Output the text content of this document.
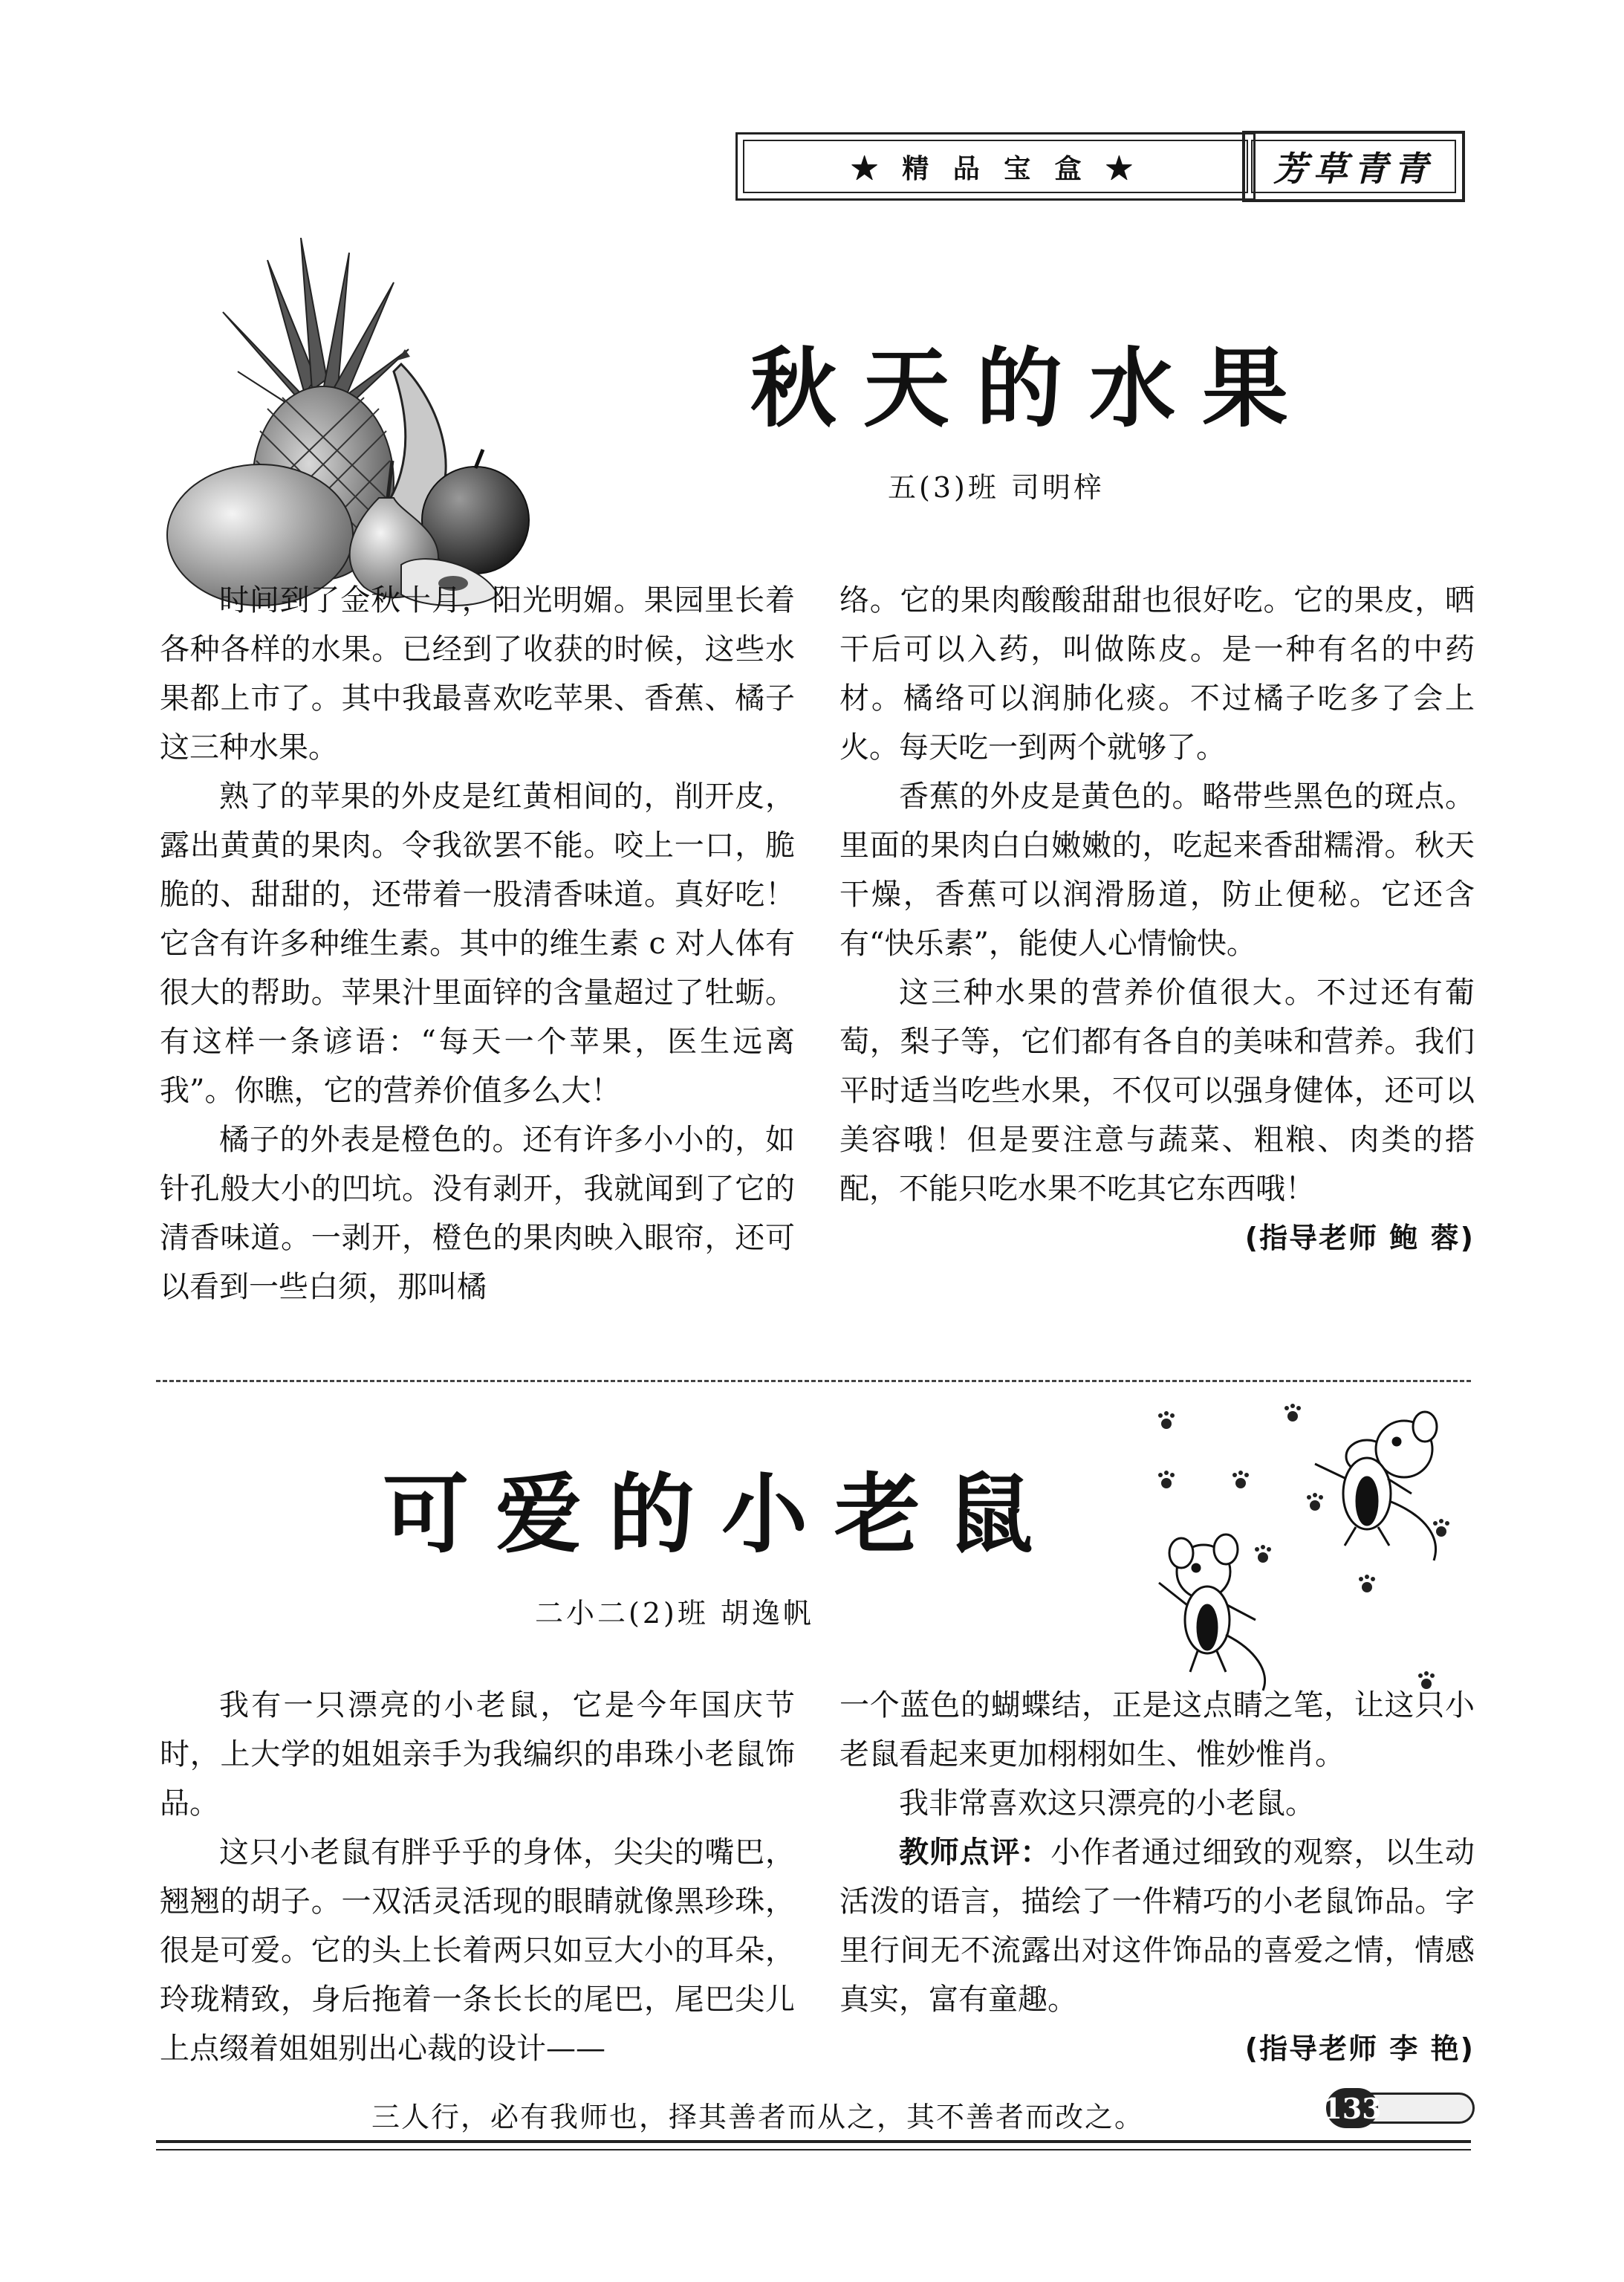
★ 精 品 宝 盒 ★	芳草青青
秋天的水果
五(3)班 司明梓

时间到了金秋十月，阳光明媚。果园里长着各种各样的水果。已经到了收获的时候，这些水果都上市了。其中我最喜欢吃苹果、香蕉、橘子这三种水果。

熟了的苹果的外皮是红黄相间的，削开皮，露出黄黄的果肉。令我欲罢不能。咬上一口，脆脆的、甜甜的，还带着一股清香味道。真好吃！它含有许多种维生素。其中的维生素 c 对人体有很大的帮助。苹果汁里面锌的含量超过了牡蛎。有这样一条谚语：“每天一个苹果，医生远离我”。你瞧，它的营养价值多么大！

橘子的外表是橙色的。还有许多小小的，如针孔般大小的凹坑。没有剥开，我就闻到了它的清香味道。一剥开，橙色的果肉映入眼帘，还可以看到一些白须，那叫橘

络。它的果肉酸酸甜甜也很好吃。它的果皮，晒干后可以入药，叫做陈皮。是一种有名的中药材。橘络可以润肺化痰。不过橘子吃多了会上火。每天吃一到两个就够了。

香蕉的外皮是黄色的。略带些黑色的斑点。里面的果肉白白嫩嫩的，吃起来香甜糯滑。秋天干燥，香蕉可以润滑肠道，防止便秘。它还含有“快乐素”，能使人心情愉快。

这三种水果的营养价值很大。不过还有葡萄，梨子等，它们都有各自的美味和营养。我们平时适当吃些水果，不仅可以强身健体，还可以美容哦！但是要注意与蔬菜、粗粮、肉类的搭配，不能只吃水果不吃其它东西哦！

(指导老师 鲍 蓉)
可爱的小老鼠
二小二(2)班 胡逸帆

我有一只漂亮的小老鼠，它是今年国庆节时，上大学的姐姐亲手为我编织的串珠小老鼠饰品。

这只小老鼠有胖乎乎的身体，尖尖的嘴巴，翘翘的胡子。一双活灵活现的眼睛就像黑珍珠，很是可爱。它的头上长着两只如豆大小的耳朵，玲珑精致，身后拖着一条长长的尾巴，尾巴尖儿上点缀着姐姐别出心裁的设计——

一个蓝色的蝴蝶结，正是这点睛之笔，让这只小老鼠看起来更加栩栩如生、惟妙惟肖。

我非常喜欢这只漂亮的小老鼠。

教师点评：小作者通过细致的观察，以生动活泼的语言，描绘了一件精巧的小老鼠饰品。字里行间无不流露出对这件饰品的喜爱之情，情感真实，富有童趣。

(指导老师 李 艳)
三人行，必有我师也，择其善者而从之，其不善者而改之。	133
